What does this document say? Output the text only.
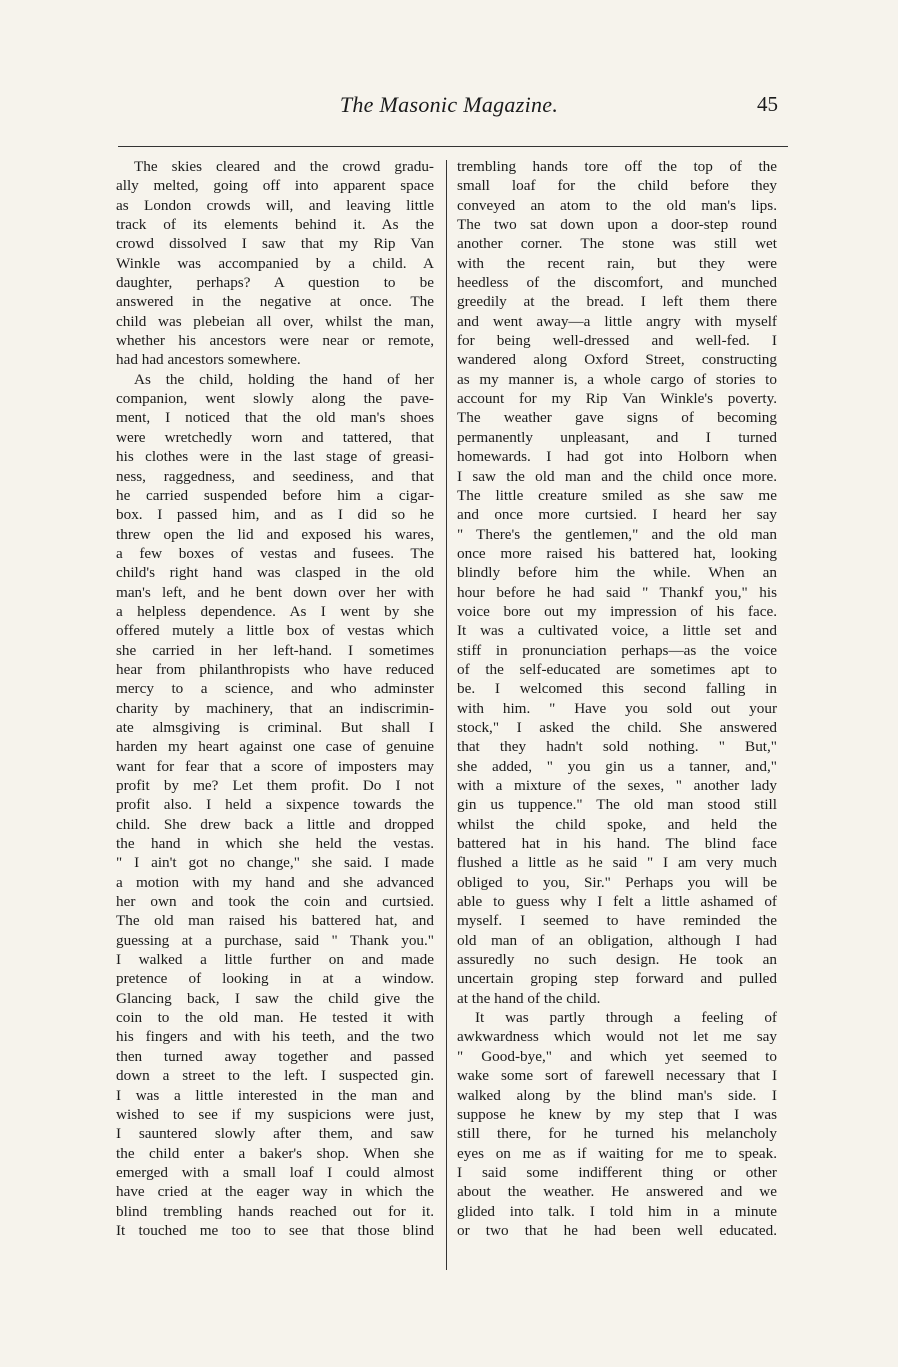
The Masonic Magazine.	45
The skies cleared and the crowd gradu-
ally melted, going off into apparent space
as London crowds will, and leaving little
track of its elements behind it. As the
crowd dissolved I saw that my Rip Van
Winkle was accompanied by a child. A
daughter, perhaps? A question to be
answered in the negative at once. The
child was plebeian all over, whilst the man,
whether his ancestors were near or remote,
had had ancestors somewhere.
As the child, holding the hand of her
companion, went slowly along the pave-
ment, I noticed that the old man's shoes
were wretchedly worn and tattered, that
his clothes were in the last stage of greasi-
ness, raggedness, and seediness, and that
he carried suspended before him a cigar-
box. I passed him, and as I did so he
threw open the lid and exposed his wares,
a few boxes of vestas and fusees. The
child's right hand was clasped in the old
man's left, and he bent down over her with
a helpless dependence. As I went by she
offered mutely a little box of vestas which
she carried in her left-hand. I sometimes
hear from philanthropists who have reduced
mercy to a science, and who adminster
charity by machinery, that an indiscrimin-
ate almsgiving is criminal. But shall I
harden my heart against one case of genuine
want for fear that a score of imposters may
profit by me? Let them profit. Do I not
profit also. I held a sixpence towards the
child. She drew back a little and dropped
the hand in which she held the vestas.
" I ain't got no change," she said. I made
a motion with my hand and she advanced
her own and took the coin and curtsied.
The old man raised his battered hat, and
guessing at a purchase, said " Thank you."
I walked a little further on and made
pretence of looking in at a window.
Glancing back, I saw the child give the
coin to the old man. He tested it with
his fingers and with his teeth, and the two
then turned away together and passed
down a street to the left. I suspected gin.
I was a little interested in the man and
wished to see if my suspicions were just,
I sauntered slowly after them, and saw
the child enter a baker's shop. When she
emerged with a small loaf I could almost
have cried at the eager way in which the
blind trembling hands reached out for it.
It touched me too to see that those blind
trembling hands tore off the top of the
small loaf for the child before they
conveyed an atom to the old man's lips.
The two sat down upon a door-step round
another corner. The stone was still wet
with the recent rain, but they were
heedless of the discomfort, and munched
greedily at the bread. I left them there
and went away—a little angry with myself
for being well-dressed and well-fed. I
wandered along Oxford Street, constructing
as my manner is, a whole cargo of stories to
account for my Rip Van Winkle's poverty.
The weather gave signs of becoming
permanently unpleasant, and I turned
homewards. I had got into Holborn when
I saw the old man and the child once more.
The little creature smiled as she saw me
and once more curtsied. I heard her say
" There's the gentlemen," and the old man
once more raised his battered hat, looking
blindly before him the while. When an
hour before he had said " Thankf you," his
voice bore out my impression of his face.
It was a cultivated voice, a little set and
stiff in pronunciation perhaps—as the voice
of the self-educated are sometimes apt to
be. I welcomed this second falling in
with him. " Have you sold out your
stock," I asked the child. She answered
that they hadn't sold nothing. " But,"
she added, " you gin us a tanner, and,"
with a mixture of the sexes, " another lady
gin us tuppence." The old man stood still
whilst the child spoke, and held the
battered hat in his hand. The blind face
flushed a little as he said " I am very much
obliged to you, Sir." Perhaps you will be
able to guess why I felt a little ashamed of
myself. I seemed to have reminded the
old man of an obligation, although I had
assuredly no such design. He took an
uncertain groping step forward and pulled
at the hand of the child.
It was partly through a feeling of
awkwardness which would not let me say
" Good-bye," and which yet seemed to
wake some sort of farewell necessary that I
walked along by the blind man's side. I
suppose he knew by my step that I was
still there, for he turned his melancholy
eyes on me as if waiting for me to speak.
I said some indifferent thing or other
about the weather. He answered and we
glided into talk. I told him in a minute
or two that he had been well educated.
